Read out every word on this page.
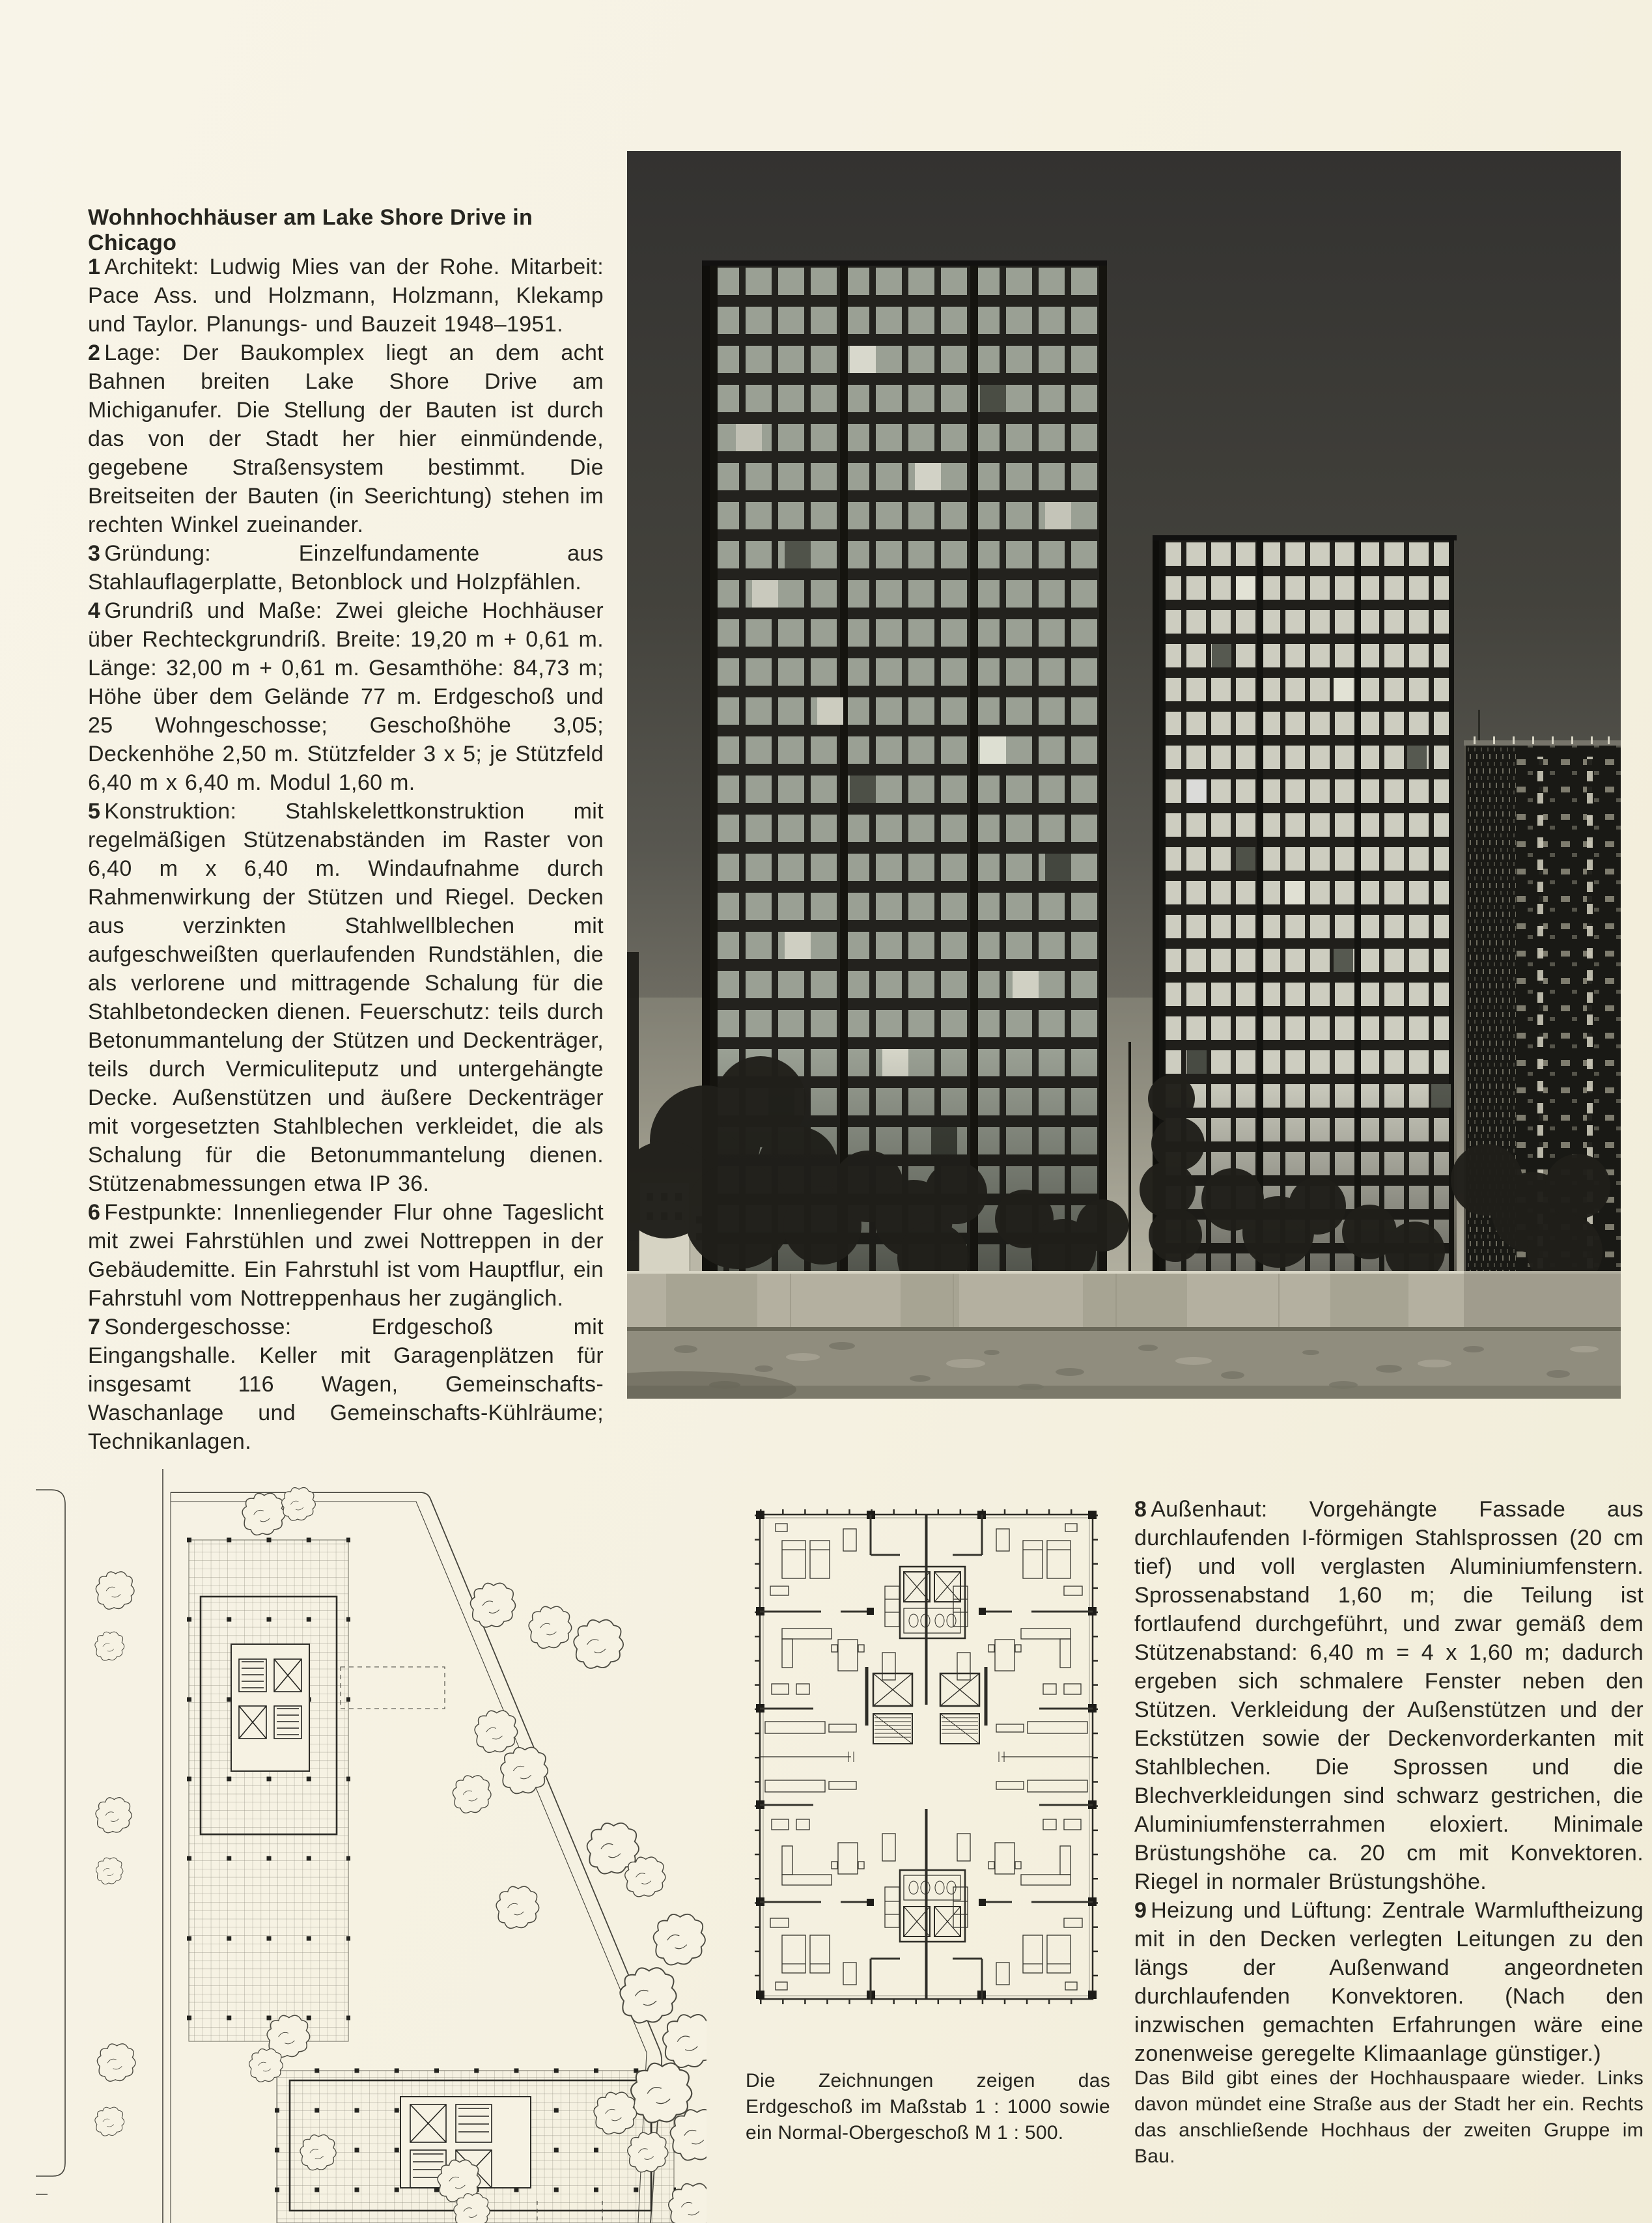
Wohnhochhäuser am Lake Shore Drive in Chicago

1 Architekt: Ludwig Mies van der Rohe. Mitarbeit: Pace Ass. und Holzmann, Holzmann, Klekamp und Taylor. Planungs- und Bauzeit 1948–1951.

2 Lage: Der Baukomplex liegt an dem acht Bahnen breiten Lake Shore Drive am Michiganufer. Die Stellung der Bauten ist durch das von der Stadt her hier einmündende, gegebene Straßensystem bestimmt. Die Breitseiten der Bauten (in Seerichtung) stehen im rechten Winkel zueinander.

3 Gründung: Einzelfundamente aus Stahlauflagerplatte, Betonblock und Holzpfählen.

4 Grundriß und Maße: Zwei gleiche Hochhäuser über Rechteckgrundriß. Breite: 19,20 m + 0,61 m. Länge: 32,00 m + 0,61 m. Gesamthöhe: 84,73 m; Höhe über dem Gelände 77 m. Erdgeschoß und 25 Wohngeschosse; Geschoßhöhe 3,05; Deckenhöhe 2,50 m. Stützfelder 3 x 5; je Stützfeld 6,40 m x 6,40 m. Modul 1,60 m.

5 Konstruktion: Stahlskelettkonstruktion mit regelmäßigen Stützenabständen im Raster von 6,40 m x 6,40 m. Windaufnahme durch Rahmenwirkung der Stützen und Riegel. Decken aus verzinkten Stahlwellblechen mit aufgeschweißten querlaufenden Rundstählen, die als verlorene und mittragende Schalung für die Stahlbetondecken dienen. Feuerschutz: teils durch Betonummantelung der Stützen und Deckenträger, teils durch Vermiculiteputz und untergehängte Decke. Außenstützen und äußere Deckenträger mit vorgesetzten Stahlblechen verkleidet, die als Schalung für die Betonummantelung dienen. Stützenabmessungen etwa IP 36.

6 Festpunkte: Innenliegender Flur ohne Tageslicht mit zwei Fahrstühlen und zwei Nottreppen in der Gebäudemitte. Ein Fahrstuhl ist vom Hauptflur, ein Fahrstuhl vom Nottreppenhaus her zugänglich.

7 Sondergeschosse: Erdgeschoß mit Eingangshalle. Keller mit Garagenplätzen für insgesamt 116 Wagen, Gemeinschafts-Waschanlage und Gemeinschafts-Kühlräume; Technikanlagen.

8 Außenhaut: Vorgehängte Fassade aus durchlaufenden I-förmigen Stahlsprossen (20 cm tief) und voll verglasten Aluminiumfenstern. Sprossenabstand 1,60 m; die Teilung ist fortlaufend durchgeführt, und zwar gemäß dem Stützenabstand: 6,40 m = 4 x 1,60 m; dadurch ergeben sich schmalere Fenster neben den Stützen. Verkleidung der Außenstützen und der Eckstützen sowie der Deckenvorderkanten mit Stahlblechen. Die Sprossen und die Blechverkleidungen sind schwarz gestrichen, die Aluminiumfensterrahmen eloxiert. Minimale Brüstungshöhe ca. 20 cm mit Konvektoren. Riegel in normaler Brüstungshöhe.

9 Heizung und Lüftung: Zentrale Warmluftheizung mit in den Decken verlegten Leitungen zu den längs der Außenwand angeordneten durchlaufenden Konvektoren. (Nach den inzwischen gemachten Erfahrungen wäre eine zonenweise geregelte Klimaanlage günstiger.)

Die Zeichnungen zeigen das Erdgeschoß im Maßstab 1 : 1000 sowie ein Normal-Obergeschoß M 1 : 500.
Das Bild gibt eines der Hochhauspaare wieder. Links davon mündet eine Straße aus der Stadt her ein. Rechts das anschließende Hochhaus der zweiten Gruppe im Bau.
